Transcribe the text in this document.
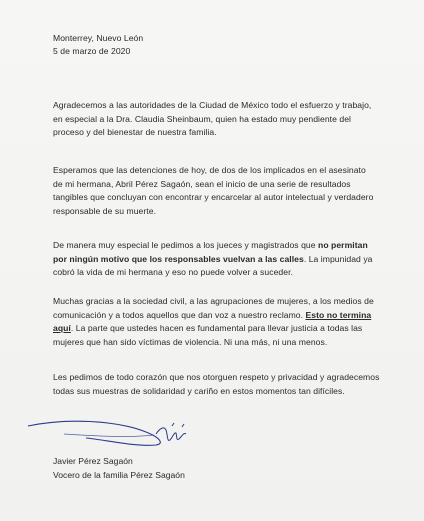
Monterrey, Nuevo León
5 de marzo de 2020
Agradecemos a las autoridades de la Ciudad de México todo el esfuerzo y trabajo,
en especial a la Dra. Claudia Sheinbaum, quien ha estado muy pendiente del
proceso y del bienestar de nuestra familia.
Esperamos que las detenciones de hoy, de dos de los implicados en el asesinato
de mi hermana, Abril Pérez Sagaón, sean el inicio de una serie de resultados
tangibles que concluyan con encontrar y encarcelar al autor intelectual y verdadero
responsable de su muerte.
De manera muy especial le pedimos a los jueces y magistrados que no permitan
por ningún motivo que los responsables vuelvan a las calles. La impunidad ya
cobró la vida de mi hermana y eso no puede volver a suceder.
Muchas gracias a la sociedad civil, a las agrupaciones de mujeres, a los medios de
comunicación y a todos aquellos que dan voz a nuestro reclamo. Esto no termina
aquí. La parte que ustedes hacen es fundamental para llevar justicia a todas las
mujeres que han sido víctimas de violencia. Ni una más, ni una menos.
Les pedimos de todo corazón que nos otorguen respeto y privacidad y agradecemos
todas sus muestras de solidaridad y cariño en estos momentos tan difíciles.
Javier Pérez Sagaón
Vocero de la familia Pérez Sagaón
